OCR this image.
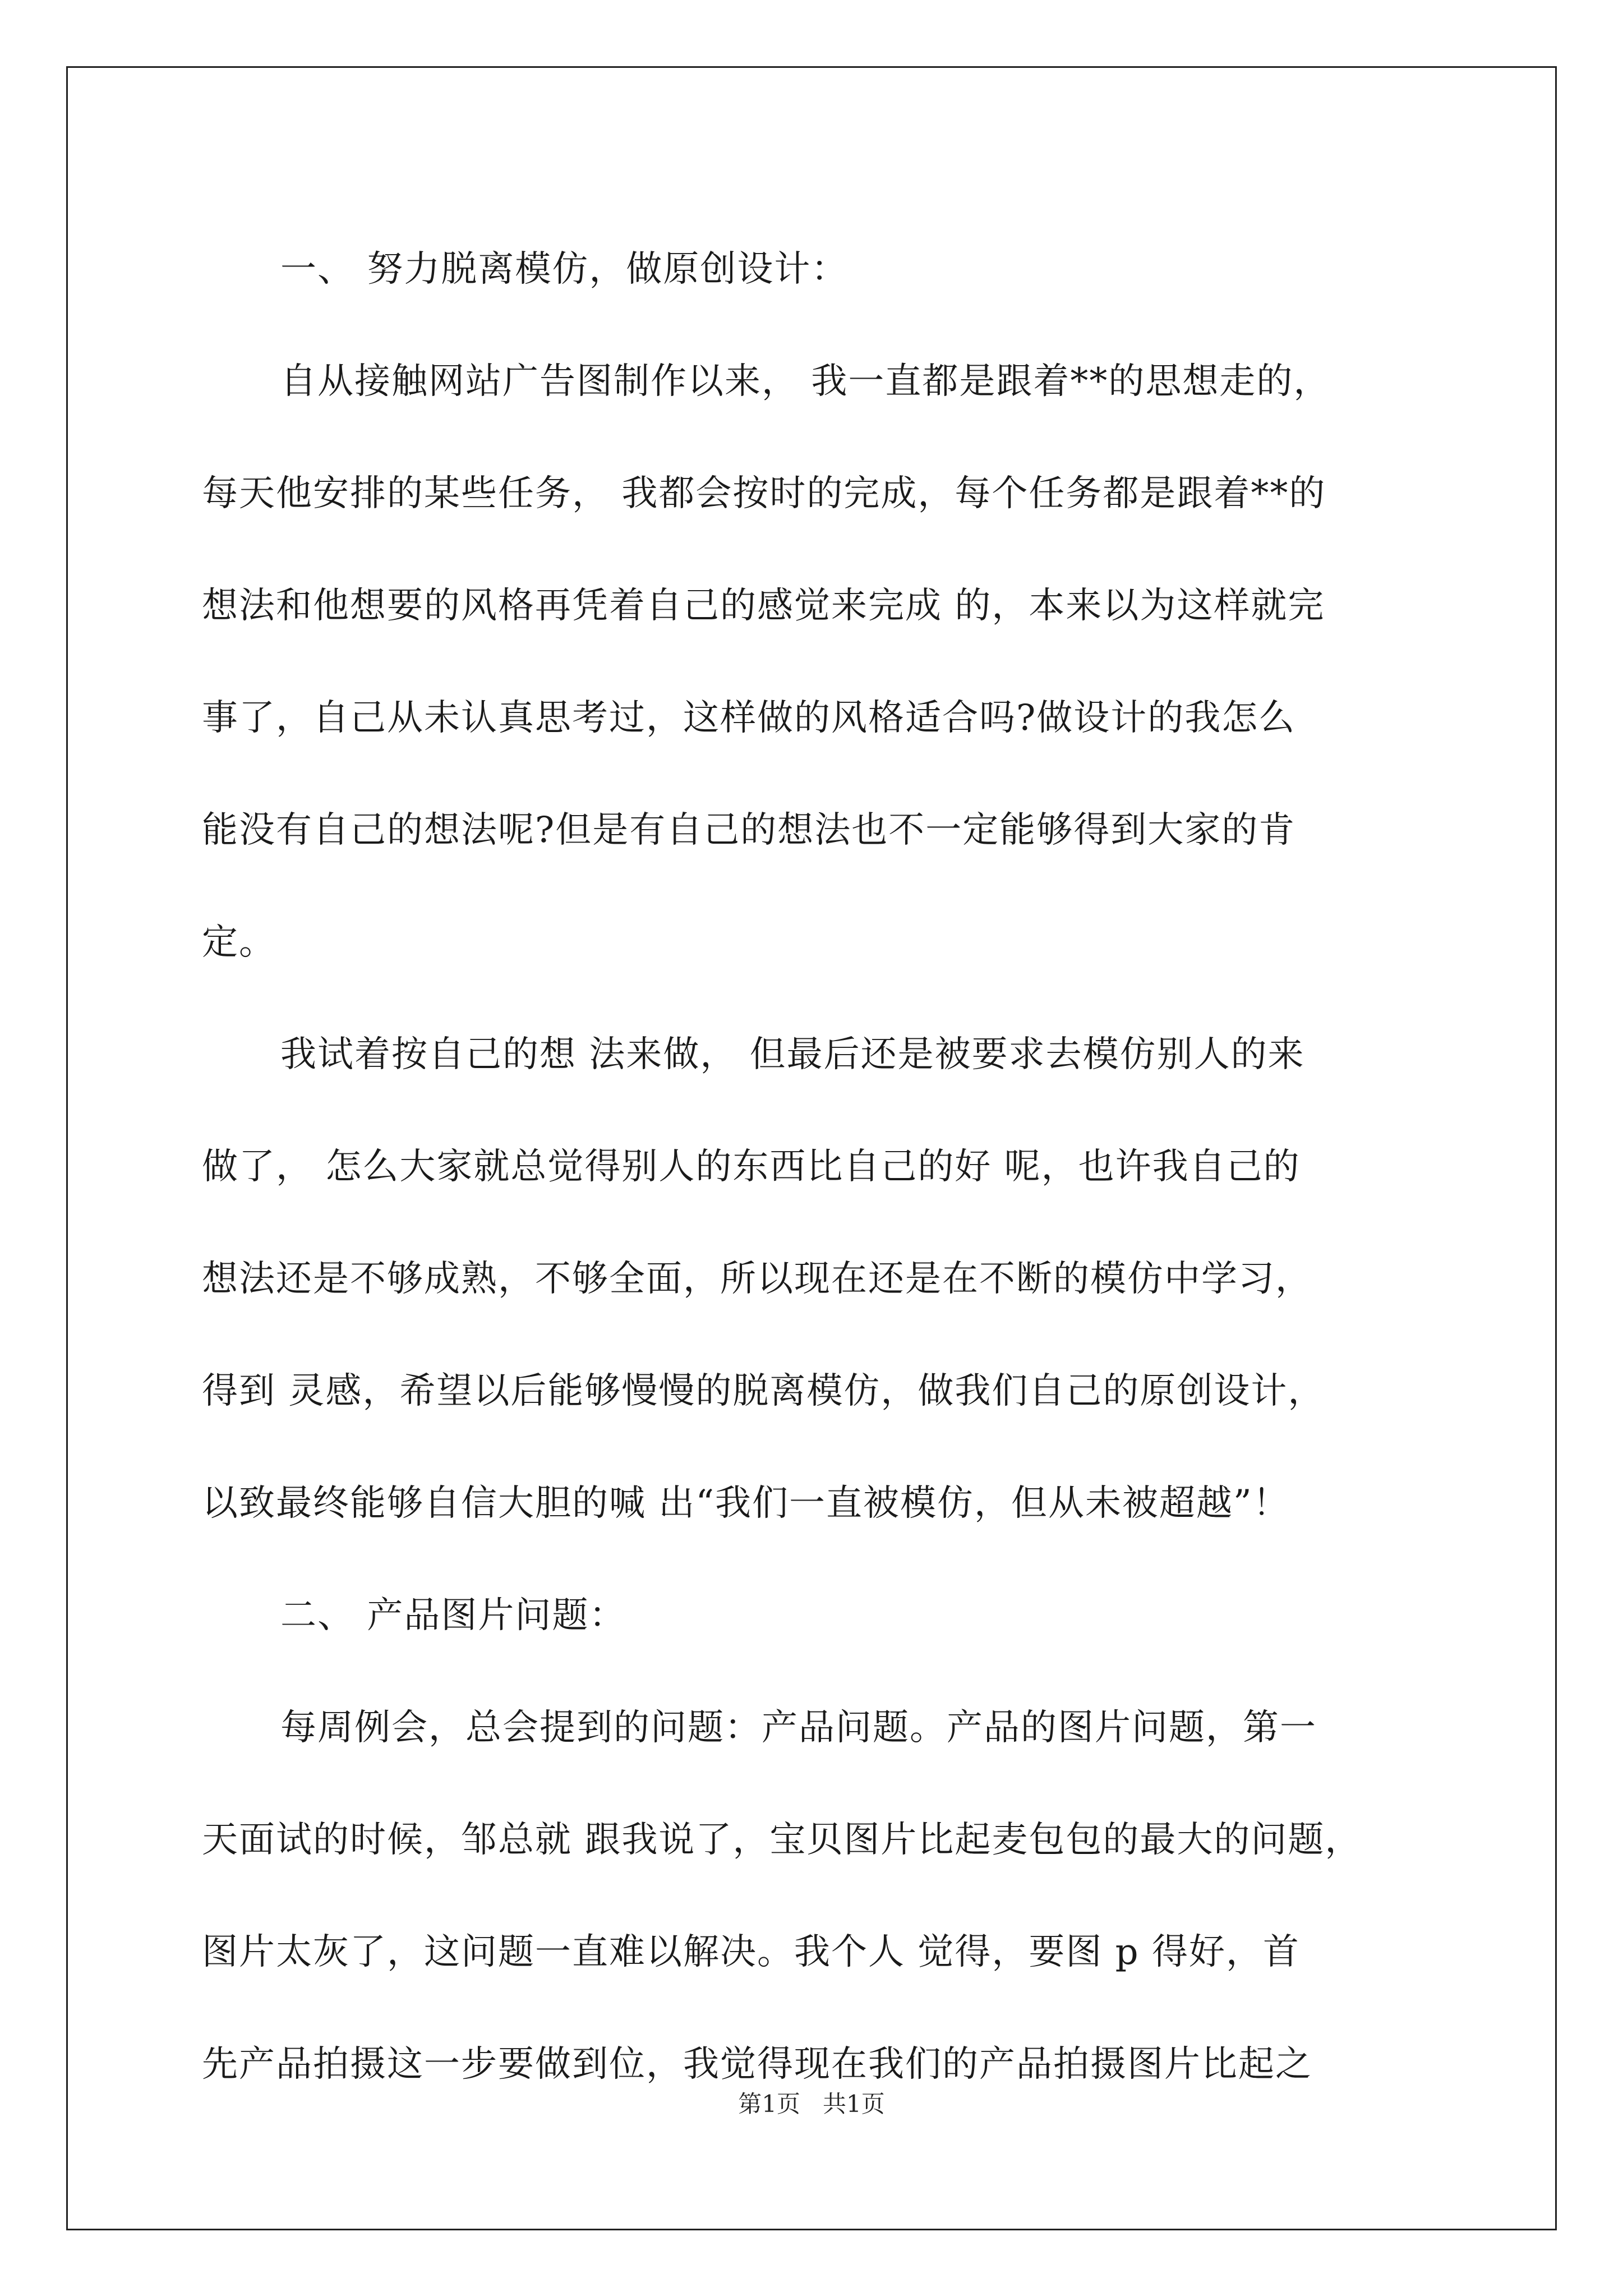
一、 努力脱离模仿，做原创设计：
自从接触网站广告图制作以来， 我一直都是跟着**的思想走的，
每天他安排的某些任务， 我都会按时的完成，每个任务都是跟着**的
想法和他想要的风格再凭着自己的感觉来完成 的，本来以为这样就完
事了，自己从未认真思考过，这样做的风格适合吗?做设计的我怎么
能没有自己的想法呢?但是有自己的想法也不一定能够得到大家的肯
定。
我试着按自己的想 法来做， 但最后还是被要求去模仿别人的来
做了， 怎么大家就总觉得别人的东西比自己的好 呢，也许我自己的
想法还是不够成熟，不够全面，所以现在还是在不断的模仿中学习，
得到 灵感，希望以后能够慢慢的脱离模仿，做我们自己的原创设计，
以致最终能够自信大胆的喊 出“我们一直被模仿，但从未被超越”！
二、 产品图片问题：
每周例会，总会提到的问题：产品问题。产品的图片问题，第一
天面试的时候，邹总就 跟我说了，宝贝图片比起麦包包的最大的问题，
图片太灰了，这问题一直难以解决。我个人 觉得，要图 p 得好，首
先产品拍摄这一步要做到位，我觉得现在我们的产品拍摄图片比起之
第1页 共1页
